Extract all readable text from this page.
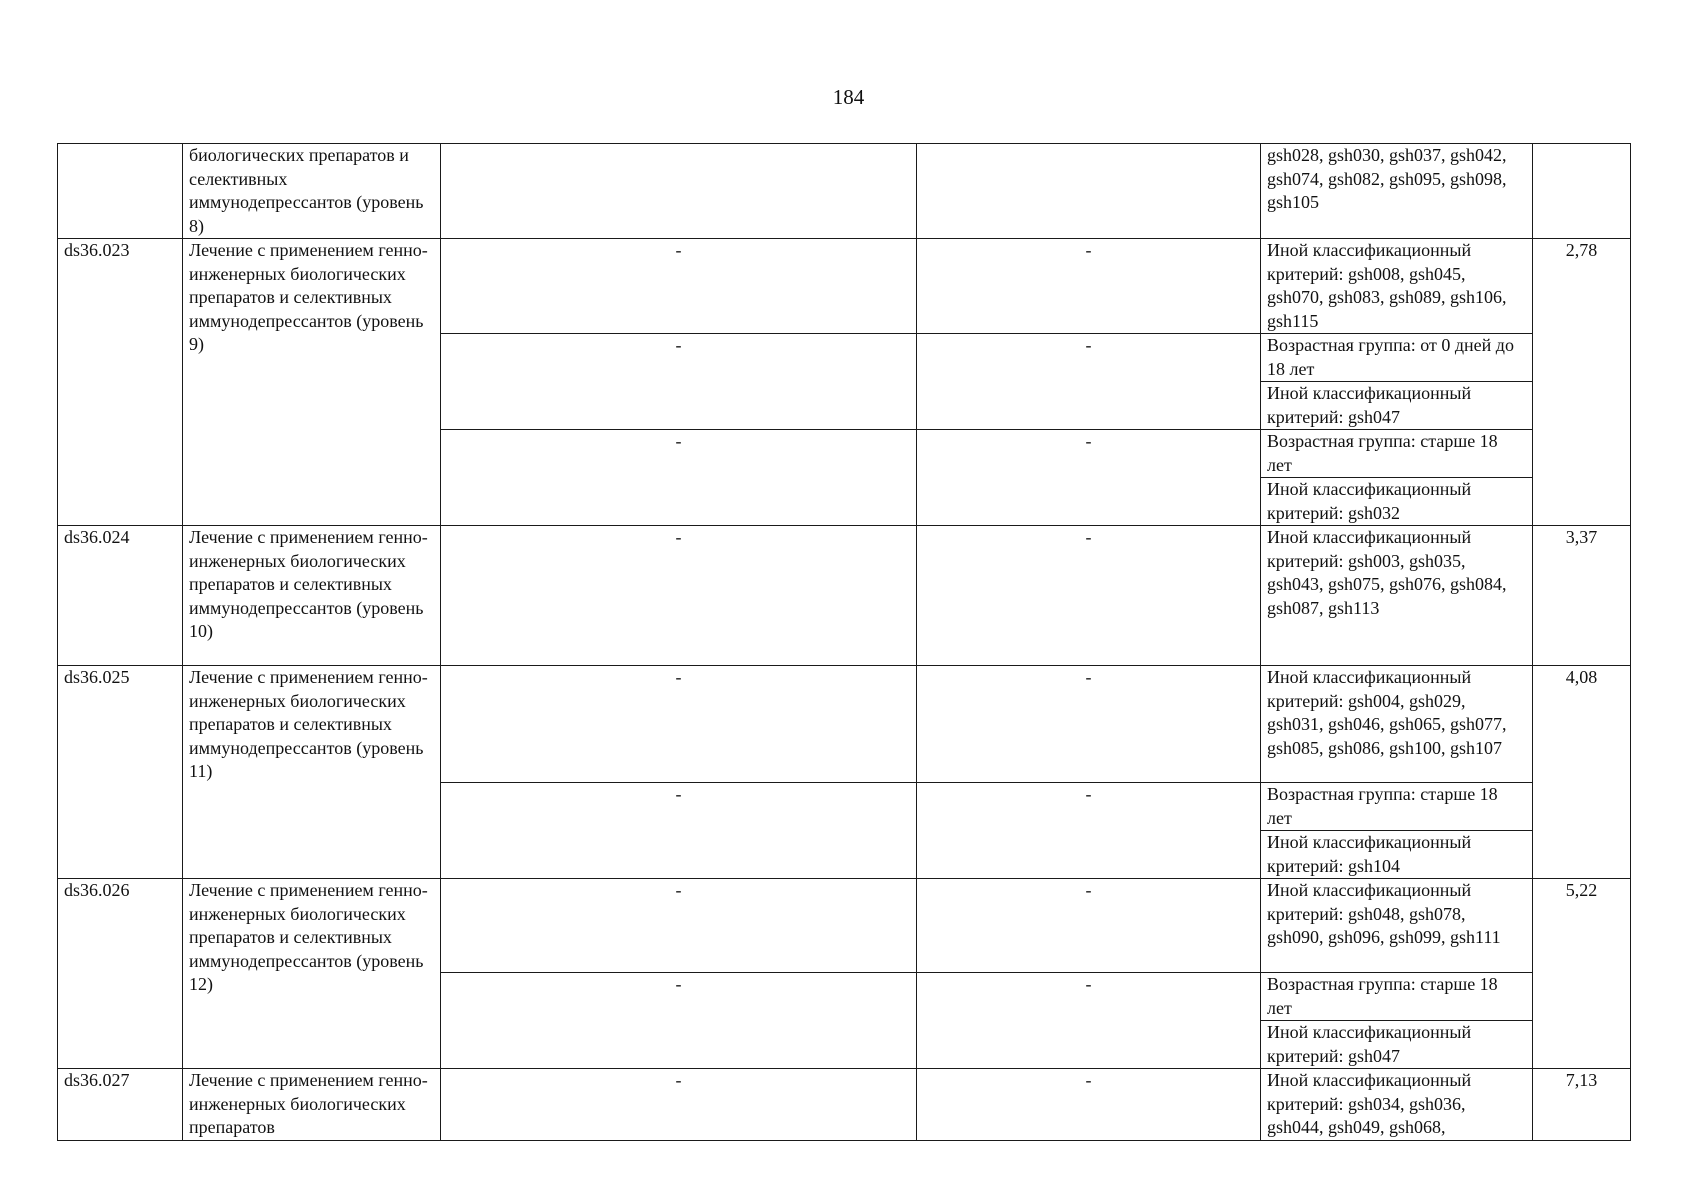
184
	биологических препаратов и селективных иммунодепрессантов (уровень 8)			gsh028, gsh030, gsh037, gsh042, gsh074, gsh082, gsh095, gsh098, gsh105	
ds36.023	Лечение с применением генно-инженерных биологических препаратов и селективных иммунодепрессантов (уровень 9)	-	-	Иной классификационный критерий: gsh008, gsh045, gsh070, gsh083, gsh089, gsh106, gsh115	2,78
		-	-	Возрастная группа: от 0 дней до 18 лет	
				Иной классификационный критерий: gsh047	
		-	-	Возрастная группа: старше 18 лет	
				Иной классификационный критерий: gsh032	
ds36.024	Лечение с применением генно-инженерных биологических препаратов и селективных иммунодепрессантов (уровень 10)	-	-	Иной классификационный критерий: gsh003, gsh035, gsh043, gsh075, gsh076, gsh084, gsh087, gsh113	3,37
ds36.025	Лечение с применением генно-инженерных биологических препаратов и селективных иммунодепрессантов (уровень 11)	-	-	Иной классификационный критерий: gsh004, gsh029, gsh031, gsh046, gsh065, gsh077, gsh085, gsh086, gsh100, gsh107	4,08
		-	-	Возрастная группа: старше 18 лет	
				Иной классификационный критерий: gsh104	
ds36.026	Лечение с применением генно-инженерных биологических препаратов и селективных иммунодепрессантов (уровень 12)	-	-	Иной классификационный критерий: gsh048, gsh078, gsh090, gsh096, gsh099, gsh111	5,22
		-	-	Возрастная группа: старше 18 лет	
				Иной классификационный критерий: gsh047	
ds36.027	Лечение с применением генно-инженерных биологических препаратов	-	-	Иной классификационный критерий: gsh034, gsh036, gsh044, gsh049, gsh068,	7,13
